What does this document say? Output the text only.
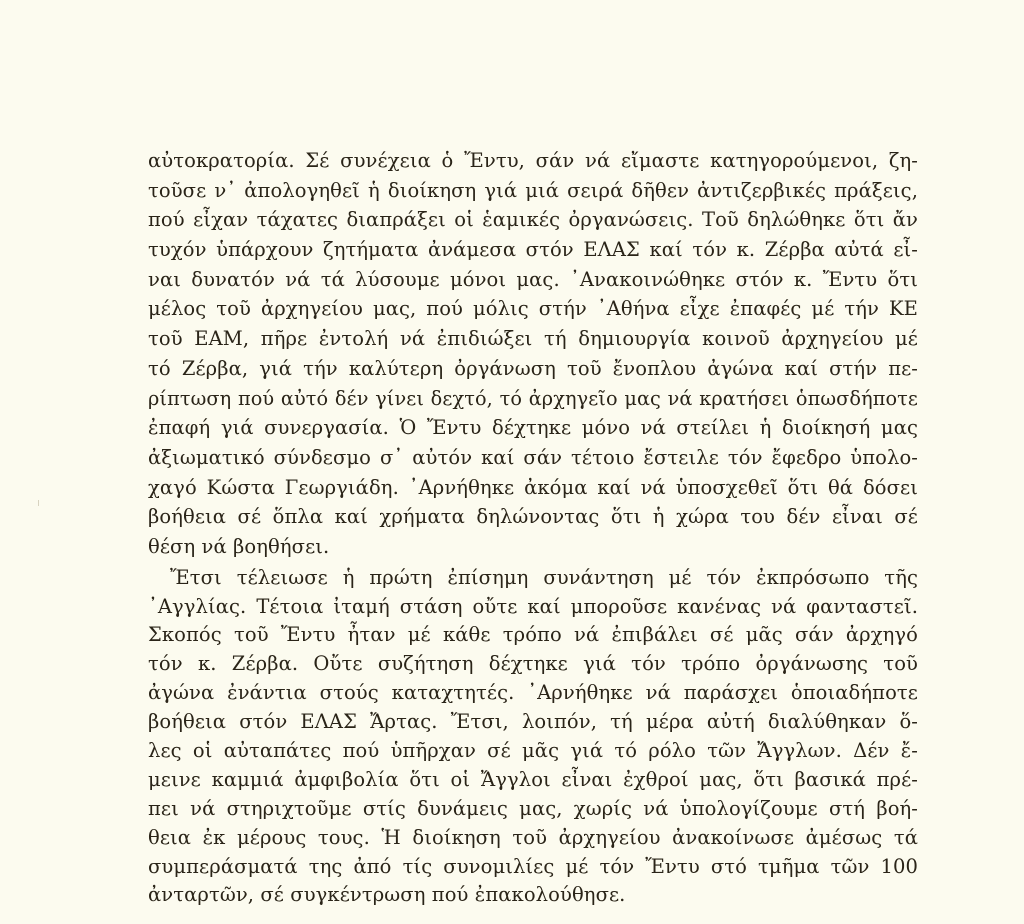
αὐτοκρατορία. Σέ συνέχεια ὁ Ἔντυ, σάν νά εἴμαστε κατηγορούμενοι, ζη-
τοῦσε ν᾿ ἀπολογηθεῖ ἡ διοίκηση γιά μιά σειρά δῆθεν ἀντιζερβικές πράξεις,
πού εἶχαν τάχατες διαπράξει οἱ ἑαμικές ὀργανώσεις. Τοῦ δηλώθηκε ὅτι ἄν
τυχόν ὑπάρχουν ζητήματα ἀνάμεσα στόν ΕΛΑΣ καί τόν κ. Ζέρβα αὐτά εἶ-
ναι δυνατόν νά τά λύσουμε μόνοι μας. ᾿Ανακοινώθηκε στόν κ. Ἔντυ ὅτι
μέλος τοῦ ἀρχηγείου μας, πού μόλις στήν ᾿Αθήνα εἶχε ἐπαφές μέ τήν ΚΕ
τοῦ ΕΑΜ, πῆρε ἐντολή νά ἐπιδιώξει τή δημιουργία κοινοῦ ἀρχηγείου μέ
τό Ζέρβα, γιά τήν καλύτερη ὀργάνωση τοῦ ἔνοπλου ἀγώνα καί στήν πε-
ρίπτωση πού αὐτό δέν γίνει δεχτό, τό ἀρχηγεῖο μας νά κρατήσει ὁπωσδήποτε
ἐπαφή γιά συνεργασία. Ὁ Ἔντυ δέχτηκε μόνο νά στείλει ἡ διοίκησή μας
ἀξιωματικό σύνδεσμο σ᾿ αὐτόν καί σάν τέτοιο ἔστειλε τόν ἔφεδρο ὑπολο-
χαγό Κώστα Γεωργιάδη. ᾿Αρνήθηκε ἀκόμα καί νά ὑποσχεθεῖ ὅτι θά δόσει
βοήθεια σέ ὅπλα καί χρήματα δηλώνοντας ὅτι ἡ χώρα του δέν εἶναι σέ
θέση νά βοηθήσει.
Ἔτσι τέλειωσε ἡ πρώτη ἐπίσημη συνάντηση μέ τόν ἐκπρόσωπο τῆς
᾿Αγγλίας. Τέτοια ἰταμή στάση οὔτε καί μποροῦσε κανένας νά φανταστεῖ.
Σκοπός τοῦ Ἔντυ ἦταν μέ κάθε τρόπο νά ἐπιβάλει σέ μᾶς σάν ἀρχηγό
τόν κ. Ζέρβα. Οὔτε συζήτηση δέχτηκε γιά τόν τρόπο ὀργάνωσης τοῦ
ἀγώνα ἐνάντια στούς καταχτητές. ᾿Αρνήθηκε νά παράσχει ὁποιαδήποτε
βοήθεια στόν ΕΛΑΣ Ἄρτας. Ἔτσι, λοιπόν, τή μέρα αὐτή διαλύθηκαν ὅ-
λες οἱ αὐταπάτες πού ὑπῆρχαν σέ μᾶς γιά τό ρόλο τῶν Ἄγγλων. Δέν ἔ-
μεινε καμμιά ἀμφιβολία ὅτι οἱ Ἄγγλοι εἶναι ἐχθροί μας, ὅτι βασικά πρέ-
πει νά στηριχτοῦμε στίς δυνάμεις μας, χωρίς νά ὑπολογίζουμε στή βοή-
θεια ἐκ μέρους τους. Ἡ διοίκηση τοῦ ἀρχηγείου ἀνακοίνωσε ἀμέσως τά
συμπεράσματά της ἀπό τίς συνομιλίες μέ τόν Ἔντυ στό τμῆμα τῶν 100
ἀνταρτῶν, σέ συγκέντρωση πού ἐπακολούθησε.
